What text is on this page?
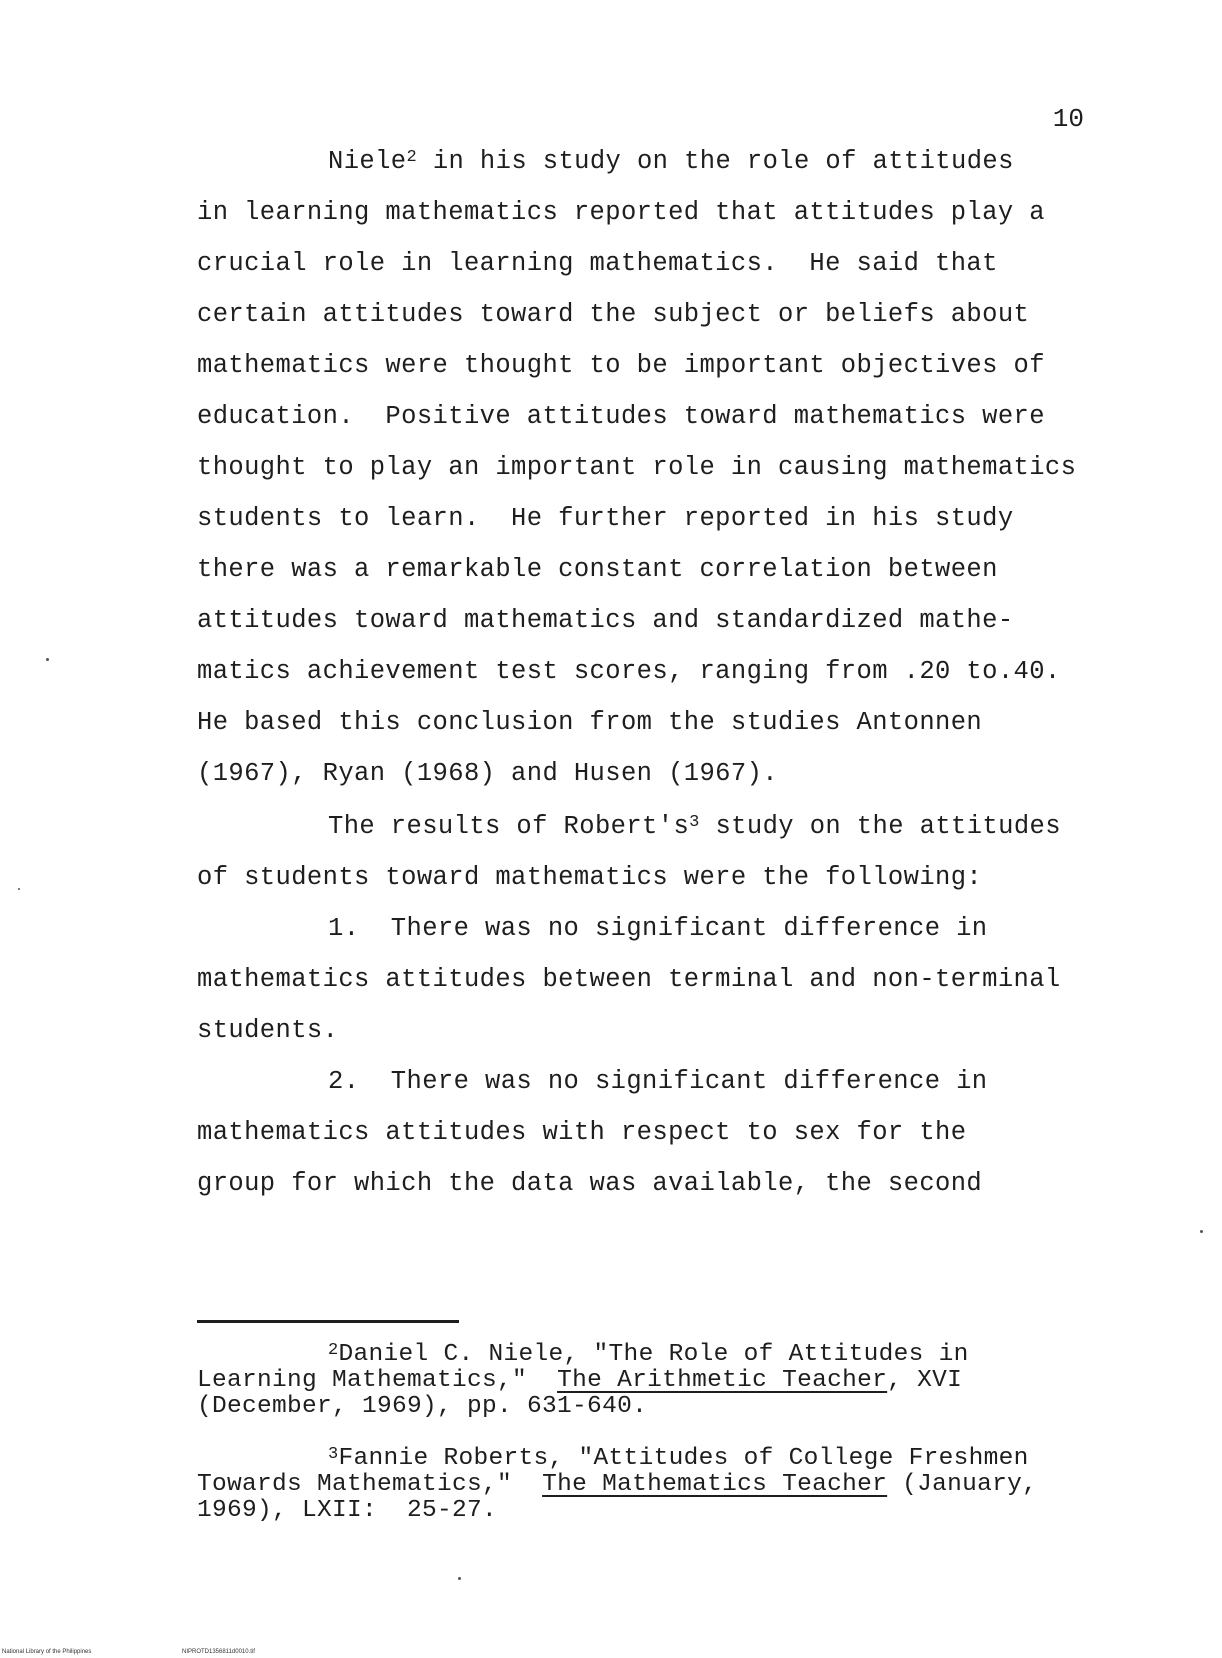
10
Niele$^2$ in his study on the role of attitudes
in learning mathematics reported that attitudes play a
crucial role in learning mathematics.  He said that
certain attitudes toward the subject or beliefs about
mathematics were thought to be important objectives of
education.  Positive attitudes toward mathematics were
thought to play an important role in causing mathematics
students to learn.  He further reported in his study
there was a remarkable constant correlation between
attitudes toward mathematics and standardized mathe-
matics achievement test scores, ranging from .20 to.40.
He based this conclusion from the studies Antonnen
(1967), Ryan (1968) and Husen (1967).
The results of $Robert's^3$ study on the attitudes
of students toward mathematics were the following:
1.  There was no significant difference in
mathematics attitudes between terminal and non-terminal
students.
2.  There was no significant difference in
mathematics attitudes with respect to sex for the
group for which the data was available, the second
$^2$Daniel C. Niele, "The Role of Attitudes in
Learning Mathematics,"  The Arithmetic Teacher, XVI
(December, 1969), pp. 631-640.
$^3$Fannie Roberts, "Attitudes of College Freshmen
Towards Mathematics,"  The Mathematics Teacher (January,
1969), LXII:  25-27.
National Library of the Philippines	NIPROTD1356811d0010.tif
